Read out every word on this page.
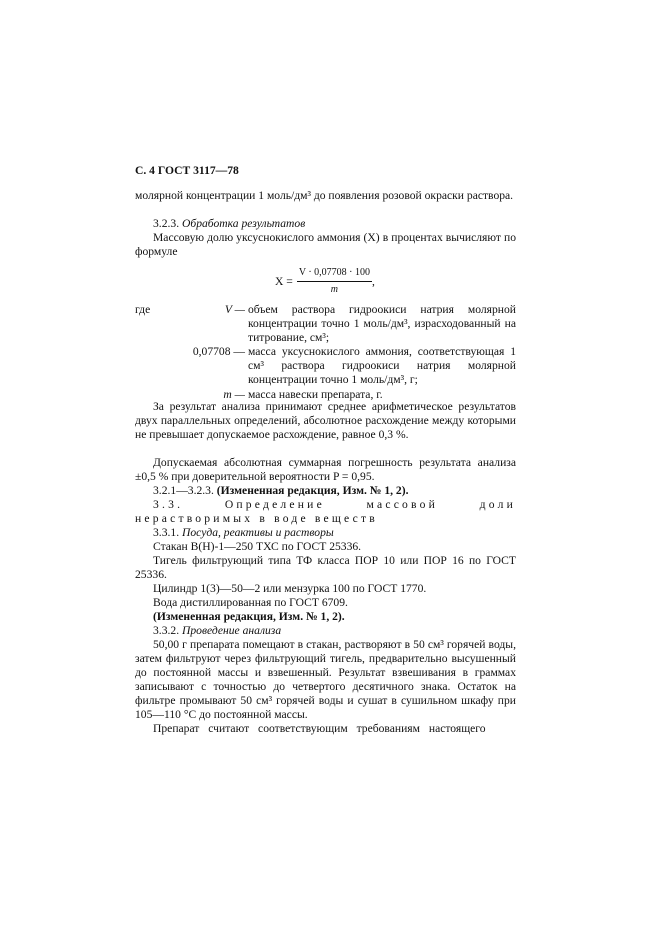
С. 4 ГОСТ 3117—78
молярной концентрации 1 моль/дм³ до появления розовой окраски раствора.
3.2.3. Обработка результатов
Массовую долю уксуснокислого аммония (X) в процентах вычисляют по формуле
$X = \frac{V \cdot 0,07708 \cdot 100}{m}$ ,
где	V — объем раствора гидроокиси натрия молярной концентрации точно 1 моль/дм³, израсходованный на титрование, см³;
0,07708 — масса уксуснокислого аммония, соответствующая 1 см³ раствора гидроокиси натрия молярной концентрации точно 1 моль/дм³, г;
m — масса навески препарата, г.
За результат анализа принимают среднее арифметическое результатов двух параллельных определений, абсолютное расхождение между которыми не превышает допускаемое расхождение, равное 0,3 %.
Допускаемая абсолютная суммарная погрешность результата анализа ±0,5 % при доверительной вероятности P = 0,95.
3.2.1—3.2.3. (Измененная редакция, Изм. № 1, 2).
3.3. Определение массовой доли нерастворимых в воде веществ
3.3.1. Посуда, реактивы и растворы
Стакан В(Н)-1—250 ТХС по ГОСТ 25336.
Тигель фильтрующий типа ТФ класса ПОР 10 или ПОР 16 по ГОСТ 25336.
Цилиндр 1(3)—50—2 или мензурка 100 по ГОСТ 1770.
Вода дистиллированная по ГОСТ 6709.
(Измененная редакция, Изм. № 1, 2).
3.3.2. Проведение анализа
50,00 г препарата помещают в стакан, растворяют в 50 см³ горячей воды, затем фильтруют через фильтрующий тигель, предварительно высушенный до постоянной массы и взвешенный. Результат взвешивания в граммах записывают с точностью до четвертого десятичного знака. Остаток на фильтре промывают 50 см³ горячей воды и сушат в сушильном шкафу при 105—110 °С до постоянной массы.
Препарат считают соответствующим требованиям настоящего
